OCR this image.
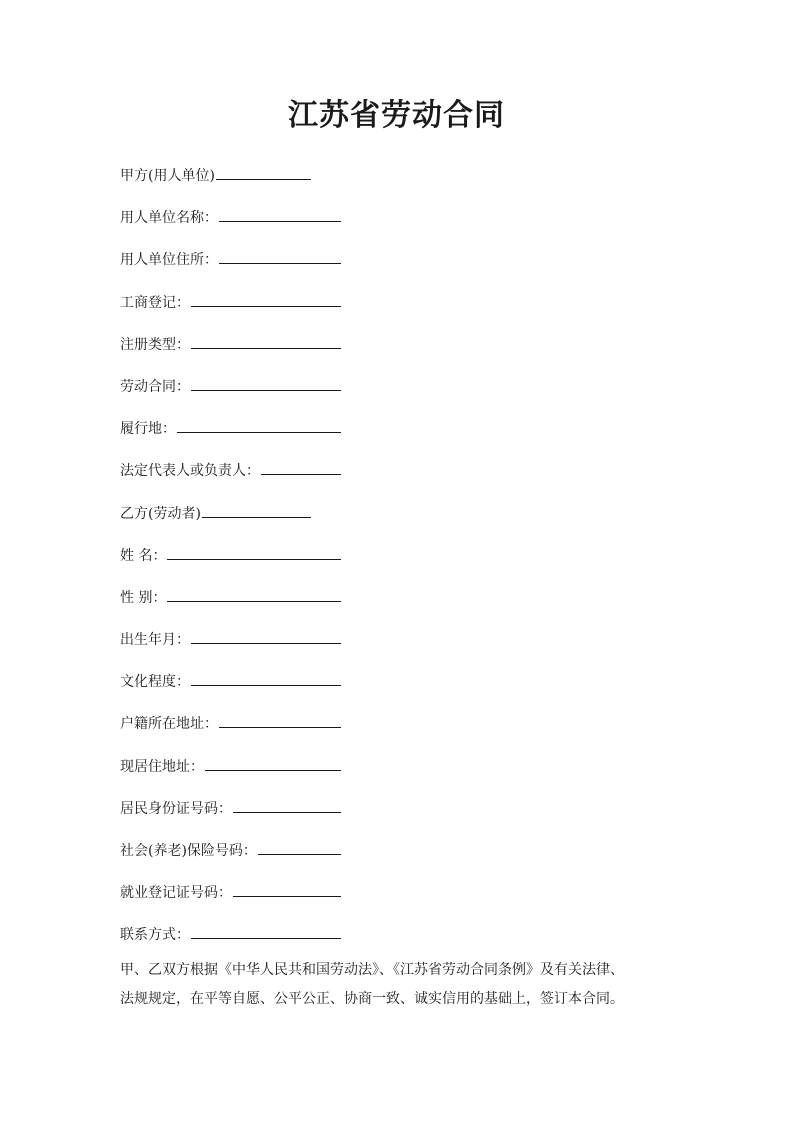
江苏省劳动合同
甲方(用人单位)
用人单位名称：
用人单位住所：
工商登记：
注册类型：
劳动合同：
履行地：
法定代表人或负责人：
乙方(劳动者)
姓 名：
性 别：
出生年月：
文化程度：
户籍所在地址：
现居住地址：
居民身份证号码：
社会(养老)保险号码：
就业登记证号码：
联系方式：

甲、乙双方根据《中华人民共和国劳动法》、《江苏省劳动合同条例》及有关法律、
法规规定，在平等自愿、公平公正、协商一致、诚实信用的基础上，签订本合同。
